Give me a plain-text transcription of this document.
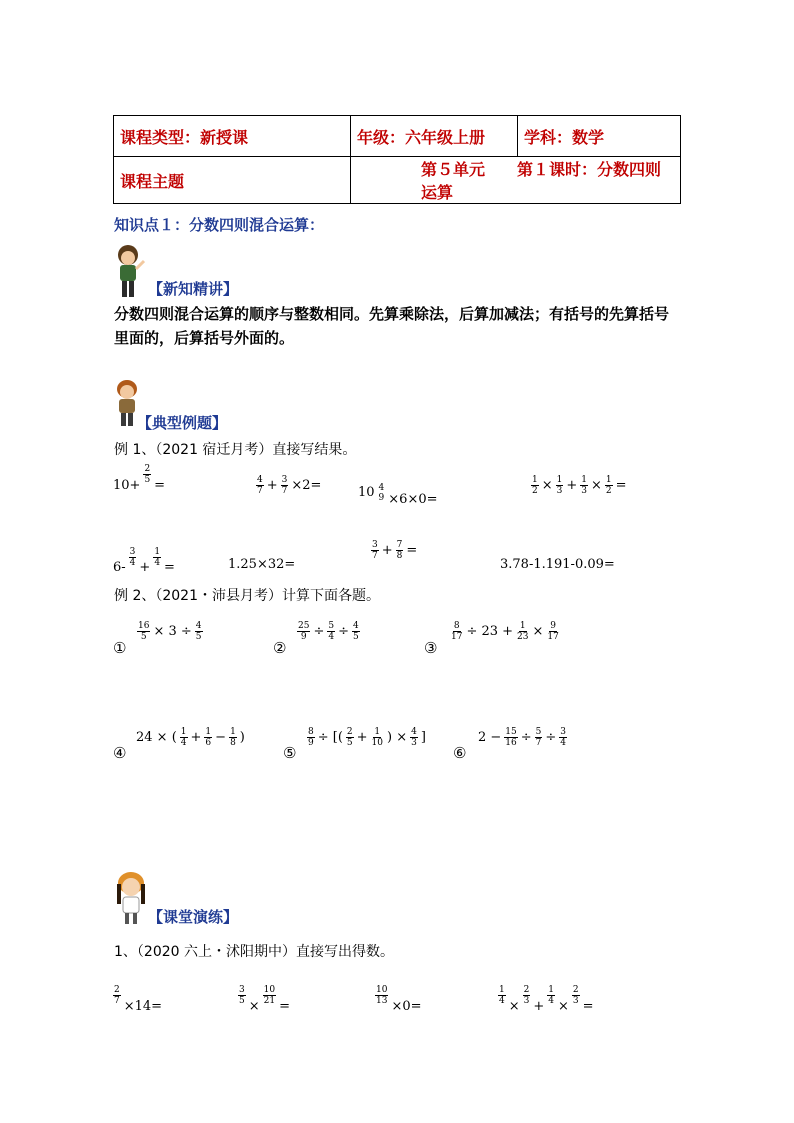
课程类型：新授课	年级：六年级上册	学科：数学
课程主题	第５单元　　第１课时：分数四则运算	
知识点１：分数四则混合运算：
【新知精讲】
分数四则混合运算的顺序与整数相同。先算乘除法，后算加减法；有括号的先算括号里面的，后算括号外面的。
【典型例题】
例 1、（2021 宿迁月考）直接写结果。
10+
$\frac{2}{5}$
=	$\frac{4}{7} + \frac{3}{7} \times 2=$	10 4
9 ×6×0=
$\frac{1}{2} \times \frac{1}{3} + \frac{1}{3} \times \frac{1}{2}$ =
$6- \frac{3}{4} + \frac{1}{4}$ =	1.25×32=
$\frac{3}{7} + \frac{7}{8}$ =
3.78-1.191-0.09=
例 2、（2021・沛县月考）计算下面各题。
①
$\frac{16}{5} \times 3 \div \frac{4}{5}$
②
$\frac{25}{9} \div \frac{5}{4} \div \frac{4}{5}$
③
$\frac{8}{17} \div 23 + \frac{1}{23} \times \frac{9}{17}$
④
24 × ( $\frac{1}{4} + \frac{1}{6} - \frac{1}{8}$ )
⑤
$\frac{8}{9}$ ÷ [( $\frac{2}{5} + \frac{1}{10}$ ) × $\frac{4}{3}$ ]
⑥
$2 - \frac{15}{16} \div \frac{5}{7} \div \frac{3}{4}$
【课堂演练】
1、（2020 六上・沭阳期中）直接写出得数。
$\frac{2}{7}$
×14=
$\frac{3}{5}$
×
$\frac{10}{21}$
=
$\frac{10}{13}$
×0=
$\frac{1}{4}$
×
$\frac{2}{3}$
+
$\frac{1}{4}$
×
$\frac{2}{3}$
=
